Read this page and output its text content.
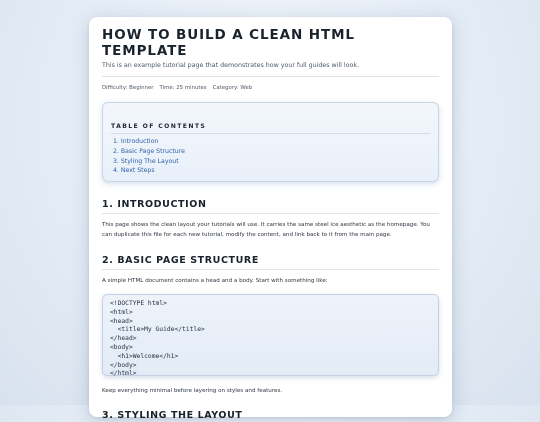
HOW TO BUILD A CLEAN HTML TEMPLATE
This is an example tutorial page that demonstrates how your full guides will look.
Difficulty: Beginner Time: 25 minutes Category: Web
TABLE OF CONTENTS
1. Introduction
2. Basic Page Structure
3. Styling The Layout
4. Next Steps
1. INTRODUCTION

This page shows the clean layout your tutorials will use. It carries the same steel ice aesthetic as the homepage. You can duplicate this file for each new tutorial, modify the content, and link back to it from the main page.

2. BASIC PAGE STRUCTURE

A simple HTML document contains a head and a body. Start with something like:

<!DOCTYPE html>
<html>
<head>
<title>My Guide</title>
</head>
<body>
<h1>Welcome</h1>
</body>
</html>

Keep everything minimal before layering on styles and features.

3. STYLING THE LAYOUT
